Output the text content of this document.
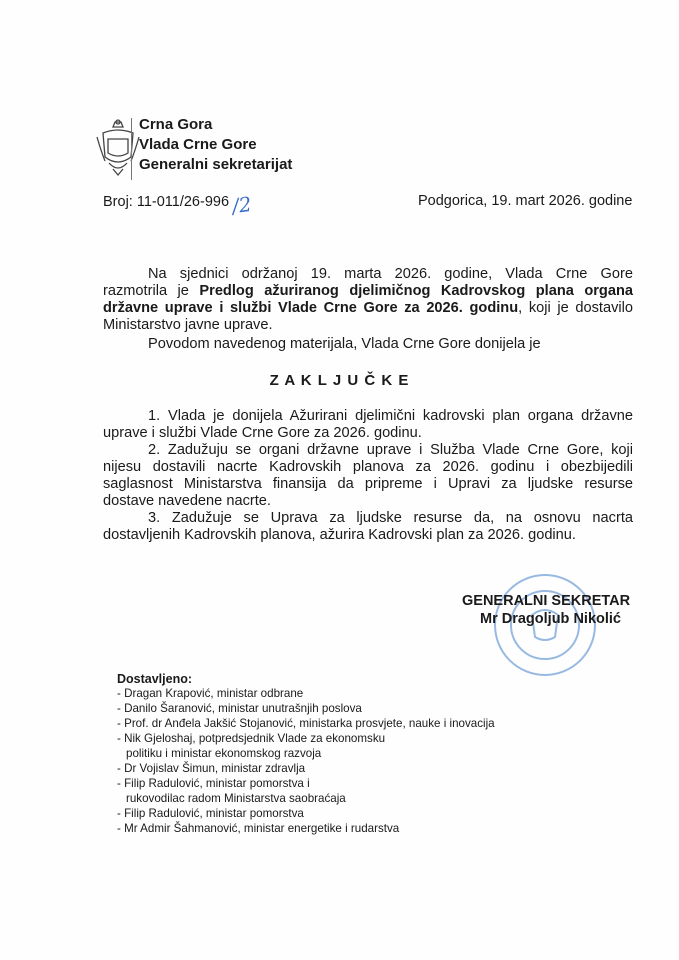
Crna Gora
Vlada Crne Gore
Generalni sekretarijat
Broj: 11-011/26-996 /2	Podgorica, 19. mart 2026. godine
Na sjednici održanoj 19. marta 2026. godine, Vlada Crne Gore
razmotrila je Predlog ažuriranog djelimičnog Kadrovskog plana organa
državne uprave i službi Vlade Crne Gore za 2026. godinu, koji je dostavilo
Ministarstvo javne uprave.
Povodom navedenog materijala, Vlada Crne Gore donijela je
Z A K L J U Č K E
1. Vlada je donijela Ažurirani djelimični kadrovski plan organa državne
uprave i službi Vlade Crne Gore za 2026. godinu.
2. Zadužuju se organi državne uprave i Služba Vlade Crne Gore, koji
nijesu dostavili nacrte Kadrovskih planova za 2026. godinu i obezbijedili
saglasnost Ministarstva finansija da pripreme i Upravi za ljudske resurse
dostave navedene nacrte.
3. Zadužuje se Uprava za ljudske resurse da, na osnovu nacrta
dostavljenih Kadrovskih planova, ažurira Kadrovski plan za 2026. godinu.
GENERALNI SEKRETAR
Mr Dragoljub Nikolić
Dostavljeno:
- Dragan Krapović, ministar odbrane
- Danilo Šaranović, ministar unutrašnjih poslova
- Prof. dr Anđela Jakšić Stojanović, ministarka prosvjete, nauke i inovacija
- Nik Gjeloshaj, potpredsjednik Vlade za ekonomsku
politiku i ministar ekonomskog razvoja
- Dr Vojislav Šimun, ministar zdravlja
- Filip Radulović, ministar pomorstva i
rukovodilac radom Ministarstva saobraćaja
- Filip Radulović, ministar pomorstva
- Mr Admir Šahmanović, ministar energetike i rudarstva
